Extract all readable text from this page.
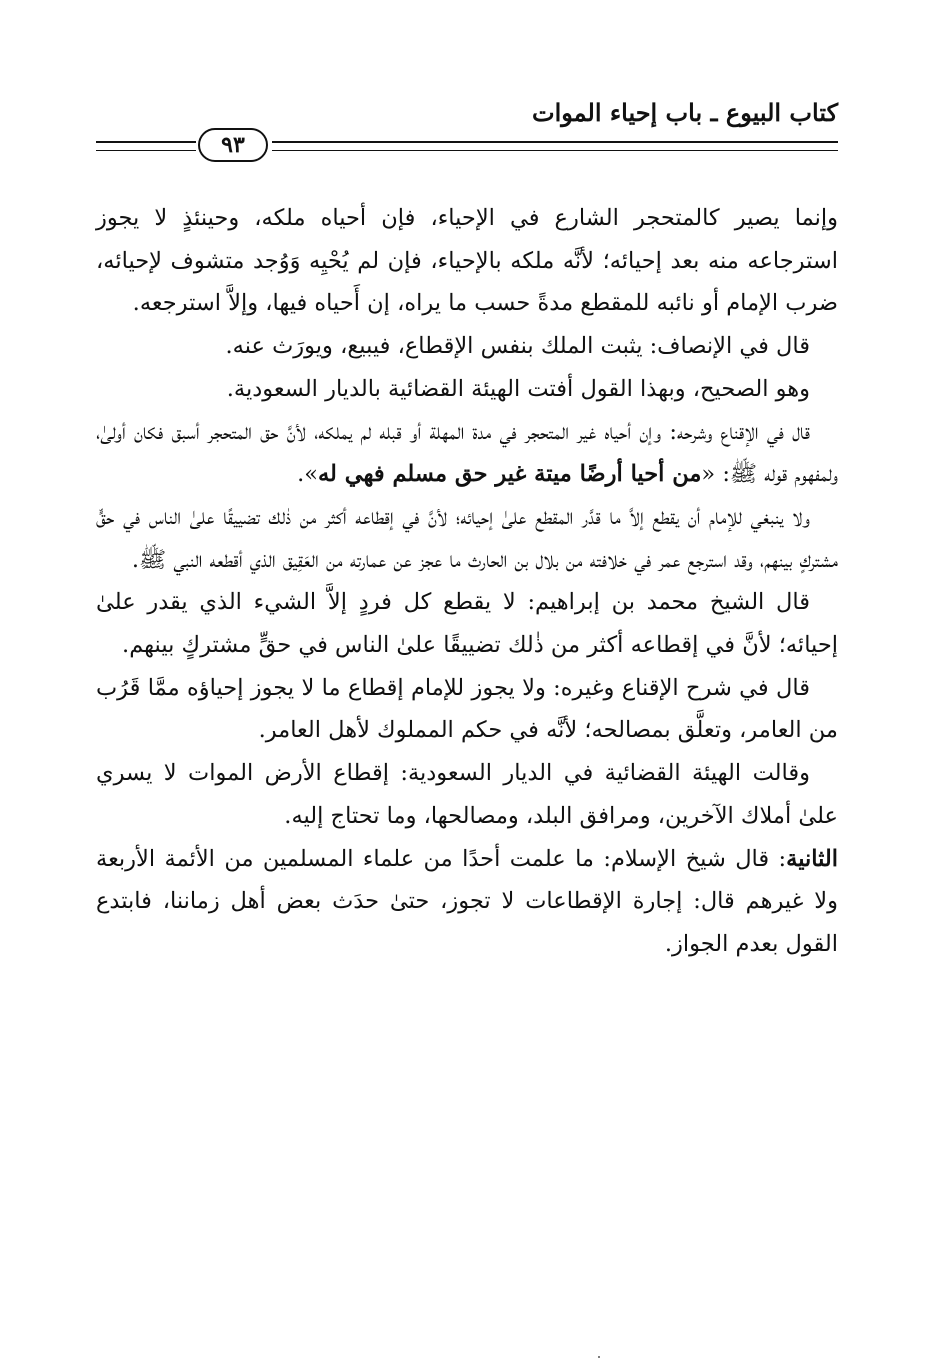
كتاب البيوع ـ باب إحياء الموات
٩٣

وإنما يصير كالمتحجر الشارع في الإحياء، فإن أحياه ملكه، وحينئذٍ لا يجوز استرجاعه منه بعد إحيائه؛ لأنَّه ملكه بالإحياء، فإن لم يُحْيِه وَوُجد متشوف لإحيائه، ضرب الإمام أو نائبه للمقطع مدةً حسب ما يراه، إن أَحياه فيها، وإلاَّ استرجعه.

قال في الإنصاف: يثبت الملك بنفس الإقطاع، فيبيع، ويورَث عنه.

وهو الصحيح، وبهذا القول أفتت الهيئة القضائية بالديار السعودية.

قال في الإقناع وشرحه: وإن أحياه غير المتحجر في مدة المهلة أو قبله لم يملكه، لأنَّ حق المتحجر أسبق فكان أولىٰ، ولمفهوم قوله ﷺ: «من أحيا أرضًا ميتة غير حق مسلم فهي له».

ولا ينبغي للإمام أن يقطع إلاَّ ما قدَّر المقطع علىٰ إحيائه؛ لأنَّ في إقطاعه أكثر من ذٰلك تضييقًا علىٰ الناس في حقٍّ مشتركٍ بينهم، وقد استرجع عمر في خلافته من بلال بن الحارث ما عجز عن عمارته من العَقِيق الذي أقطعه النبي ﷺ.

قال الشيخ محمد بن إبراهيم: لا يقطع كل فردٍ إلاَّ الشيء الذي يقدر علىٰ إحيائه؛ لأنَّ في إقطاعه أكثر من ذٰلك تضييقًا علىٰ الناس في حقٍّ مشتركٍ بينهم.

قال في شرح الإقناع وغيره: ولا يجوز للإمام إقطاع ما لا يجوز إحياؤه ممَّا قَرُب من العامر، وتعلَّق بمصالحه؛ لأنَّه في حكم المملوك لأهل العامر.

وقالت الهيئة القضائية في الديار السعودية: إقطاع الأرض الموات لا يسري علىٰ أملاك الآخرين، ومرافق البلد، ومصالحها، وما تحتاج إليه.

الثانية: قال شيخ الإسلام: ما علمت أحدًا من علماء المسلمين من الأئمة الأربعة ولا غيرهم قال: إجارة الإقطاعات لا تجوز، حتىٰ حدَث بعض أهل زماننا، فابتدع القول بعدم الجواز.
